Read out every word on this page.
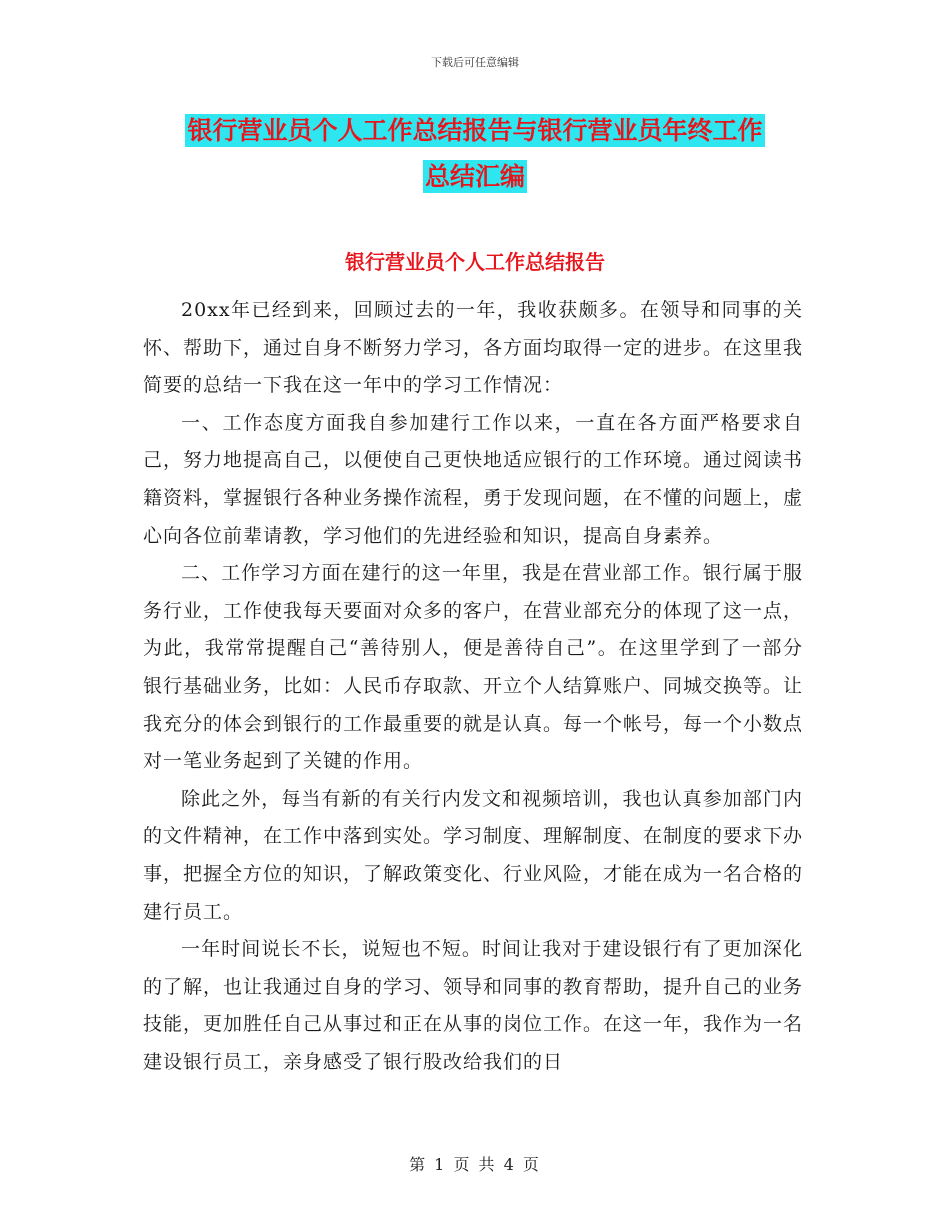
下载后可任意编辑
银行营业员个人工作总结报告与银行营业员年终工作
总结汇编
银行营业员个人工作总结报告

20xx年已经到来，回顾过去的一年，我收获颇多。在领导和同事的关怀、帮助下，通过自身不断努力学习，各方面均取得一定的进步。在这里我简要的总结一下我在这一年中的学习工作情况：

一、工作态度方面我自参加建行工作以来，一直在各方面严格要求自己，努力地提高自己，以便使自己更快地适应银行的工作环境。通过阅读书籍资料，掌握银行各种业务操作流程，勇于发现问题，在不懂的问题上，虚心向各位前辈请教，学习他们的先进经验和知识，提高自身素养。

二、工作学习方面在建行的这一年里，我是在营业部工作。银行属于服务行业，工作使我每天要面对众多的客户，在营业部充分的体现了这一点，为此，我常常提醒自己“善待别人，便是善待自己”。在这里学到了一部分银行基础业务，比如：人民币存取款、开立个人结算账户、同城交换等。让我充分的体会到银行的工作最重要的就是认真。每一个帐号，每一个小数点对一笔业务起到了关键的作用。

除此之外，每当有新的有关行内发文和视频培训，我也认真参加部门内的文件精神，在工作中落到实处。学习制度、理解制度、在制度的要求下办事，把握全方位的知识，了解政策变化、行业风险，才能在成为一名合格的建行员工。

一年时间说长不长，说短也不短。时间让我对于建设银行有了更加深化的了解，也让我通过自身的学习、领导和同事的教育帮助，提升自己的业务技能，更加胜任自己从事过和正在从事的岗位工作。在这一年，我作为一名建设银行员工，亲身感受了银行股改给我们的日

第 1 页 共 4 页
